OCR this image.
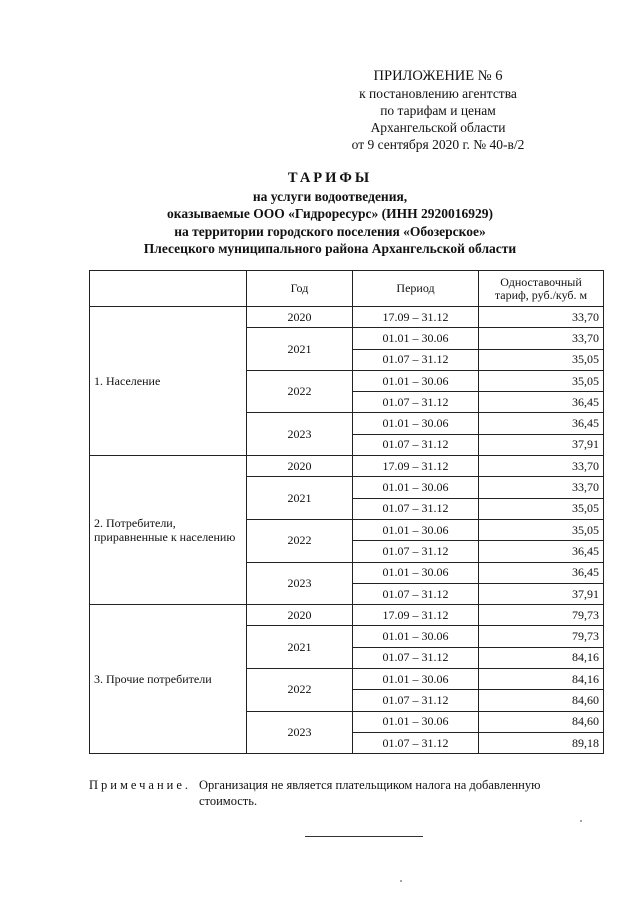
ПРИЛОЖЕНИЕ № 6
к постановлению агентства
по тарифам и ценам
Архангельской области
от 9 сентября 2020 г. № 40-в/2
ТАРИФЫ
на услуги водоотведения,
оказываемые ООО «Гидроресурс» (ИНН 2920016929)
на территории городского поселения «Обозерское»
Плесецкого муниципального района Архангельской области
	Год	Период	Одноставочный тариф, руб./куб. м
1. Население	2020	17.09 – 31.12	33,70
	2021	01.01 – 30.06	33,70
		01.07 – 31.12	35,05
	2022	01.01 – 30.06	35,05
		01.07 – 31.12	36,45
	2023	01.01 – 30.06	36,45
		01.07 – 31.12	37,91
2. Потребители, приравненные к населению	2020	17.09 – 31.12	33,70
	2021	01.01 – 30.06	33,70
		01.07 – 31.12	35,05
	2022	01.01 – 30.06	35,05
		01.07 – 31.12	36,45
	2023	01.01 – 30.06	36,45
		01.07 – 31.12	37,91
3. Прочие потребители	2020	17.09 – 31.12	79,73
	2021	01.01 – 30.06	79,73
		01.07 – 31.12	84,16
	2022	01.01 – 30.06	84,16
		01.07 – 31.12	84,60
	2023	01.01 – 30.06	84,60
		01.07 – 31.12	89,18
Примечание. Организация не является плательщиком налога на добавленную
стоимость.
